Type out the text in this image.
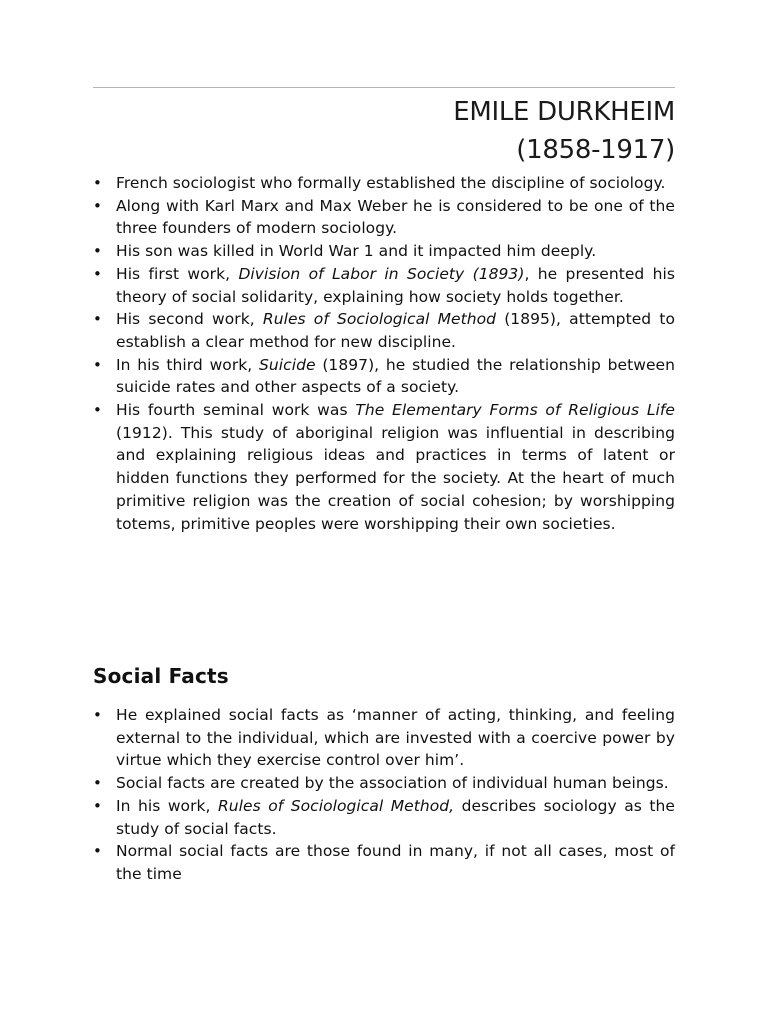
EMILE DURKHEIM
(1858-1917)
• French sociologist who formally established the discipline of sociology.
• Along with Karl Marx and Max Weber he is considered to be one of the three founders of modern sociology.
• His son was killed in World War 1 and it impacted him deeply.
• His first work, Division of Labor in Society (1893), he presented his theory of social solidarity, explaining how society holds together.
• His second work, Rules of Sociological Method (1895), attempted to establish a clear method for new discipline.
• In his third work, Suicide (1897), he studied the relationship between suicide rates and other aspects of a society.
• His fourth seminal work was The Elementary Forms of Religious Life (1912). This study of aboriginal religion was influential in describing and explaining religious ideas and practices in terms of latent or hidden functions they performed for the society. At the heart of much primitive religion was the creation of social cohesion; by worshipping totems, primitive peoples were worshipping their own societies.
Social Facts
• He explained social facts as ‘manner of acting, thinking, and feeling external to the individual, which are invested with a coercive power by virtue which they exercise control over him’.
• Social facts are created by the association of individual human beings.
• In his work, Rules of Sociological Method, describes sociology as the study of social facts.
• Normal social facts are those found in many, if not all cases, most of the time
